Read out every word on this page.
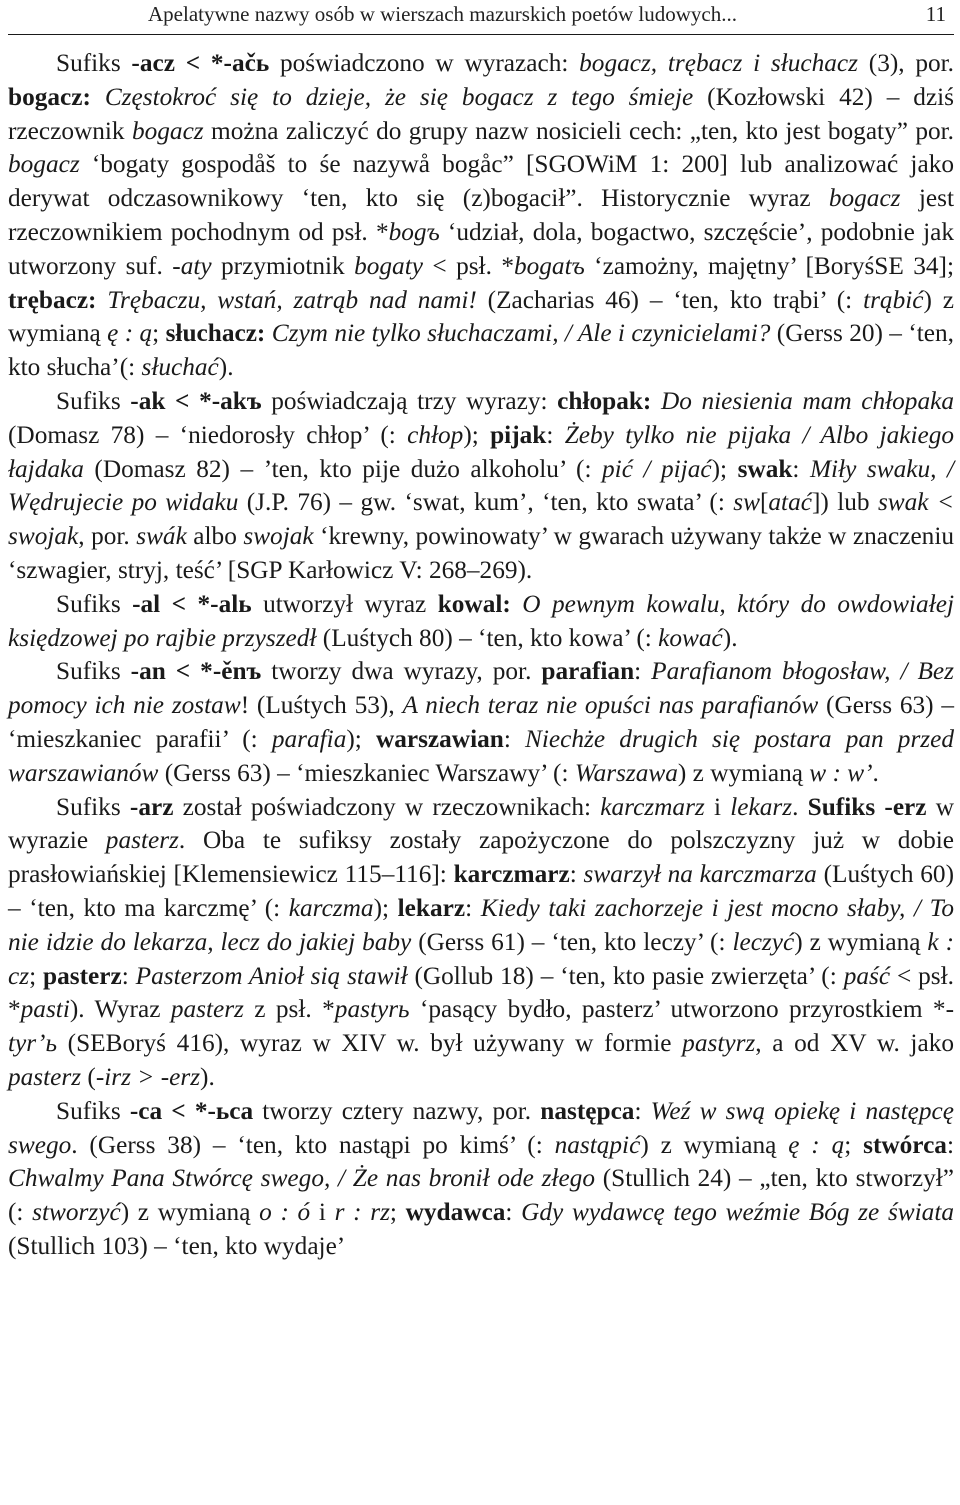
Apelatywne nazwy osób w wierszach mazurskich poetów ludowych...	11

Sufiks -acz < *-ačь poświadczono w wyrazach: bogacz, trębacz i słuchacz (3), por. bogacz: Częstokroć się to dzieje, że się bogacz z tego śmieje (Kozłowski 42) – dziś rzeczownik bogacz można zaliczyć do grupy nazw nosicieli cech: „ten, kto jest bogaty” por. bogacz ‘bogaty gospodåš to śe nazywå bogåc” [SGOWiM 1: 200] lub analizować jako derywat odczasownikowy ‘ten, kto się (z)bogacił”. Historycznie wyraz bogacz jest rzeczownikiem pochodnym od psł. *bogъ ‘udział, dola, bogactwo, szczęście’, podobnie jak utworzony suf. -aty przymiotnik bogaty < psł. *bogatъ ‘zamożny, majętny’ [BoryśSE 34]; trębacz: Trębaczu, wstań, zatrąb nad nami! (Zacharias 46) – ‘ten, kto trąbi’ (: trąbić) z wymianą ę : ą; słuchacz: Czym nie tylko słuchaczami, / Ale i czynicielami? (Gerss 20) – ‘ten, kto słucha’(: słuchać).

Sufiks -ak < *-akъ poświadczają trzy wyrazy: chłopak: Do niesienia mam chłopaka (Domasz 78) – ‘niedorosły chłop’ (: chłop); pijak: Żeby tylko nie pijaka / Albo jakiego łajdaka (Domasz 82) – ’ten, kto pije dużo alkoholu’ (: pić / pijać); swak: Miły swaku, / Wędrujecie po widaku (J.P. 76) – gw. ‘swat, kum’, ‘ten, kto swata’ (: sw[atać]) lub swak < swojak, por. swák albo swojak ‘krewny, powinowaty’ w gwarach używany także w znaczeniu ‘szwagier, stryj, teść’ [SGP Karłowicz V: 268–269).

Sufiks -al < *-alь utworzył wyraz kowal: O pewnym kowalu, który do owdowiałej księdzowej po rajbie przyszedł (Luśtych 80) – ‘ten, kto kowa’ (: kować).

Sufiks -an < *-ěnъ tworzy dwa wyrazy, por. parafian: Parafianom błogosław, / Bez pomocy ich nie zostaw! (Luśtych 53), A niech teraz nie opuści nas parafianów (Gerss 63) – ‘mieszkaniec parafii’ (: parafia); warszawian: Niechże drugich się postara pan przed warszawianów (Gerss 63) – ‘mieszkaniec Warszawy’ (: Warszawa) z wymianą w : w’.

Sufiks -arz został poświadczony w rzeczownikach: karczmarz i lekarz. Sufiks -erz w wyrazie pasterz. Oba te sufiksy zostały zapożyczone do polszczyzny już w dobie prasłowiańskiej [Klemensiewicz 115–116]: karczmarz: swarzył na karczmarza (Luśtych 60) – ‘ten, kto ma karczmę’ (: karczma); lekarz: Kiedy taki zachorzeje i jest mocno słaby, / To nie idzie do lekarza, lecz do jakiej baby (Gerss 61) – ‘ten, kto leczy’ (: leczyć) z wymianą k : cz; pasterz: Pasterzom Anioł sią stawił (Gollub 18) – ‘ten, kto pasie zwierzęta’ (: paść < psł. *pasti). Wyraz pasterz z psł. *pastyrь ‘pasący bydło, pasterz’ utworzono przyrostkiem *-tyr’ь (SEBoryś 416), wyraz w XIV w. był używany w formie pastyrz, a od XV w. jako pasterz (-irz > -erz).

Sufiks -ca < *-ьca tworzy cztery nazwy, por. następca: Weź w swą opiekę i następcę swego. (Gerss 38) – ‘ten, kto nastąpi po kimś’ (: nastąpić) z wymianą ę : ą; stwórca: Chwalmy Pana Stwórcę swego, / Że nas bronił ode złego (Stullich 24) – „ten, kto stworzył” (: stworzyć) z wymianą o : ó i r : rz; wydawca: Gdy wydawcę tego weźmie Bóg ze świata (Stullich 103) – ‘ten, kto wydaje’
